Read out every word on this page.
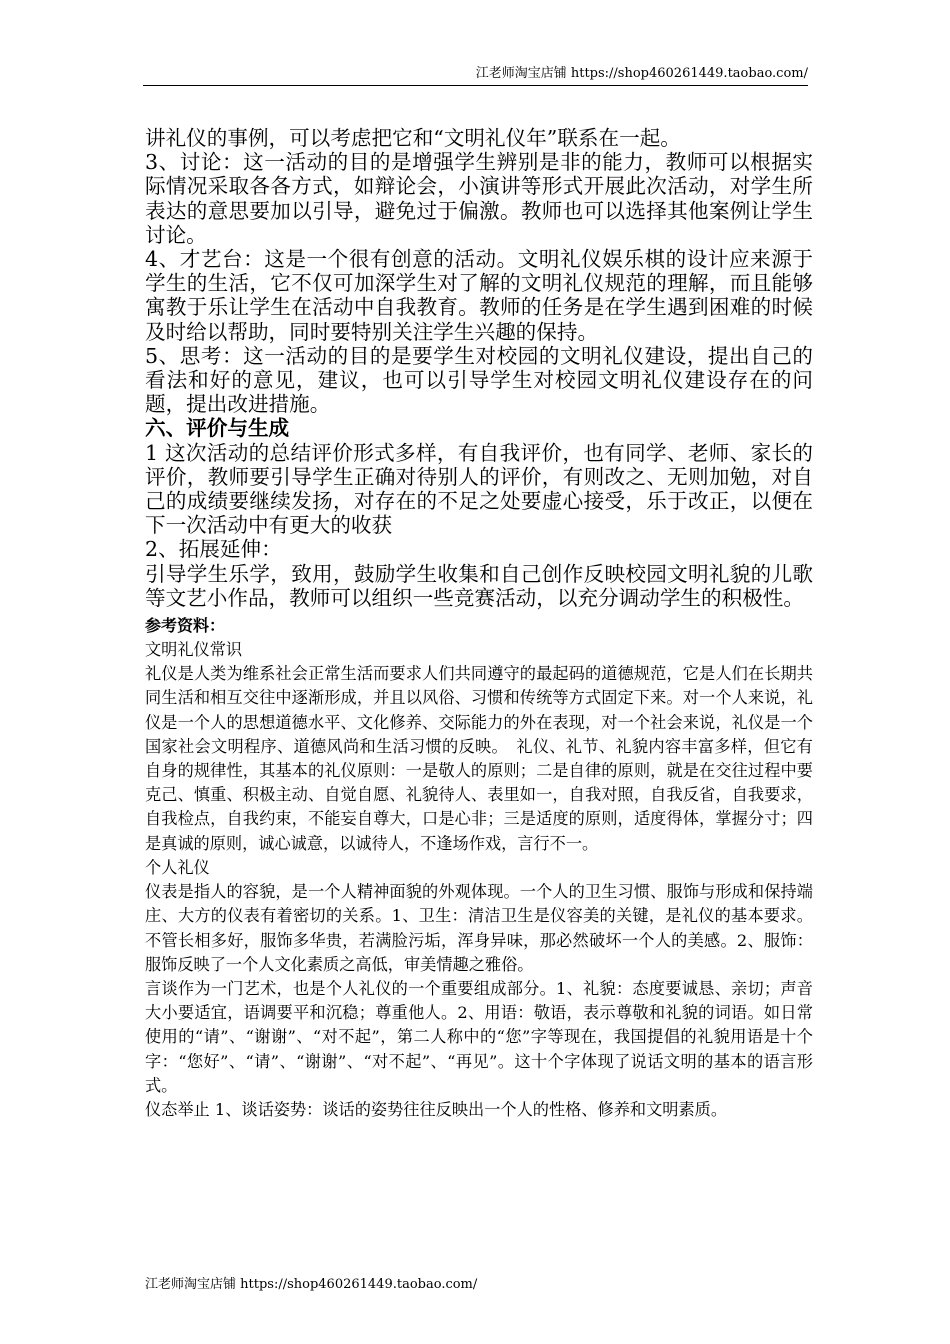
江老师淘宝店铺 https://shop460261449.taobao.com/

讲礼仪的事例，可以考虑把它和“文明礼仪年”联系在一起。

3、讨论：这一活动的目的是增强学生辨别是非的能力，教师可以根据实际情况采取各各方式，如辩论会，小演讲等形式开展此次活动，对学生所表达的意思要加以引导，避免过于偏激。教师也可以选择其他案例让学生讨论。

4、才艺台：这是一个很有创意的活动。文明礼仪娱乐棋的设计应来源于学生的生活，它不仅可加深学生对了解的文明礼仪规范的理解，而且能够寓教于乐让学生在活动中自我教育。教师的任务是在学生遇到困难的时候及时给以帮助，同时要特别关注学生兴趣的保持。

5、思考：这一活动的目的是要学生对校园的文明礼仪建设，提出自己的看法和好的意见，建议，也可以引导学生对校园文明礼仪建设存在的问题，提出改进措施。

六、评价与生成

1 这次活动的总结评价形式多样，有自我评价，也有同学、老师、家长的评价，教师要引导学生正确对待别人的评价，有则改之、无则加勉，对自己的成绩要继续发扬，对存在的不足之处要虚心接受，乐于改正，以便在下一次活动中有更大的收获

2、拓展延伸：

引导学生乐学，致用，鼓励学生收集和自己创作反映校园文明礼貌的儿歌等文艺小作品，教师可以组织一些竞赛活动，以充分调动学生的积极性。

参考资料：

文明礼仪常识

礼仪是人类为维系社会正常生活而要求人们共同遵守的最起码的道德规范，它是人们在长期共同生活和相互交往中逐渐形成，并且以风俗、习惯和传统等方式固定下来。对一个人来说，礼仪是一个人的思想道德水平、文化修养、交际能力的外在表现，对一个社会来说，礼仪是一个国家社会文明程序、道德风尚和生活习惯的反映。　礼仪、礼节、礼貌内容丰富多样，但它有自身的规律性，其基本的礼仪原则：一是敬人的原则；二是自律的原则，就是在交往过程中要克己、慎重、积极主动、自觉自愿、礼貌待人、表里如一，自我对照，自我反省，自我要求，自我检点，自我约束，不能妄自尊大，口是心非；三是适度的原则，适度得体，掌握分寸；四是真诚的原则，诚心诚意，以诚待人，不逢场作戏，言行不一。

个人礼仪

仪表是指人的容貌，是一个人精神面貌的外观体现。一个人的卫生习惯、服饰与形成和保持端庄、大方的仪表有着密切的关系。1、卫生：清洁卫生是仪容美的关键，是礼仪的基本要求。不管长相多好，服饰多华贵，若满脸污垢，浑身异味，那必然破坏一个人的美感。2、服饰：服饰反映了一个人文化素质之高低，审美情趣之雅俗。

言谈作为一门艺术，也是个人礼仪的一个重要组成部分。1、礼貌：态度要诚恳、亲切；声音大小要适宜，语调要平和沉稳；尊重他人。2、用语：敬语，表示尊敬和礼貌的词语。如日常使用的“请”、“谢谢”、“对不起”，第二人称中的“您”字等现在，我国提倡的礼貌用语是十个字：“您好”、“请”、“谢谢”、“对不起”、“再见”。这十个字体现了说话文明的基本的语言形式。

仪态举止 1、谈话姿势：谈话的姿势往往反映出一个人的性格、修养和文明素质。

江老师淘宝店铺 https://shop460261449.taobao.com/
